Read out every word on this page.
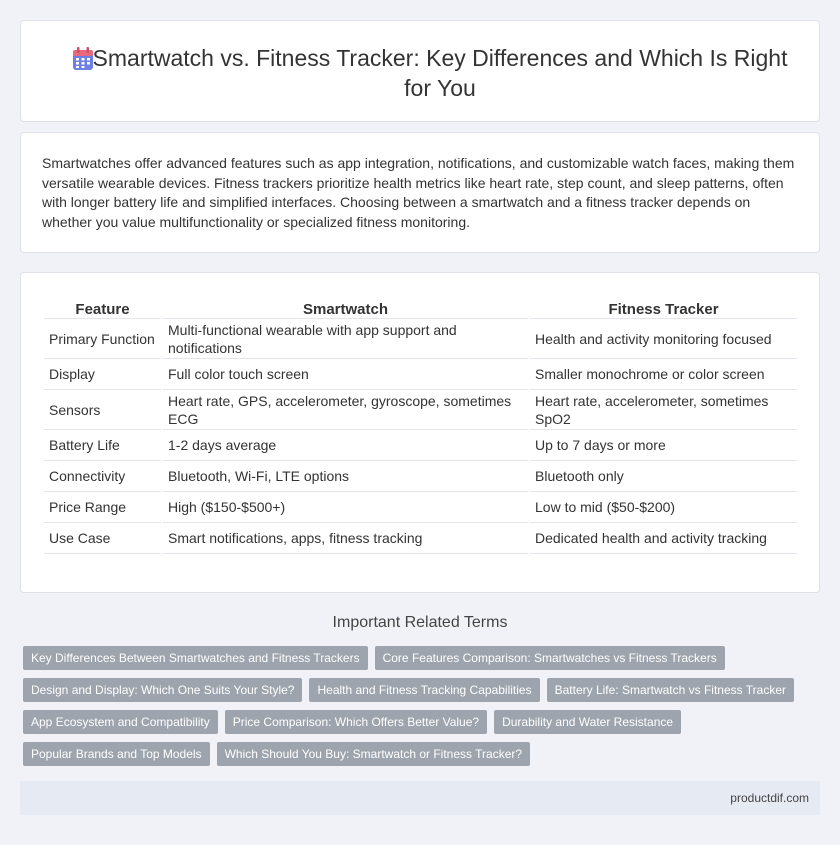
Smartwatch vs. Fitness Tracker: Key Differences and Which Is Right for You

Smartwatches offer advanced features such as app integration, notifications, and customizable watch faces, making them versatile wearable devices. Fitness trackers prioritize health metrics like heart rate, step count, and sleep patterns, often with longer battery life and simplified interfaces. Choosing between a smartwatch and a fitness tracker depends on whether you value multifunctionality or specialized fitness monitoring.

Feature	Smartwatch	Fitness Tracker
Primary Function	Multi-functional wearable with app support and notifications	Health and activity monitoring focused
Display	Full color touch screen	Smaller monochrome or color screen
Sensors	Heart rate, GPS, accelerometer, gyroscope, sometimes ECG	Heart rate, accelerometer, sometimes SpO2
Battery Life	1-2 days average	Up to 7 days or more
Connectivity	Bluetooth, Wi-Fi, LTE options	Bluetooth only
Price Range	High ($150-$500+)	Low to mid ($50-$200)
Use Case	Smart notifications, apps, fitness tracking	Dedicated health and activity tracking
Important Related Terms
Key Differences Between Smartwatches and Fitness Trackers	Core Features Comparison: Smartwatches vs Fitness Trackers
Design and Display: Which One Suits Your Style?	Health and Fitness Tracking Capabilities	Battery Life: Smartwatch vs Fitness Tracker
App Ecosystem and Compatibility	Price Comparison: Which Offers Better Value?	Durability and Water Resistance
Popular Brands and Top Models	Which Should You Buy: Smartwatch or Fitness Tracker?
productdif.com
